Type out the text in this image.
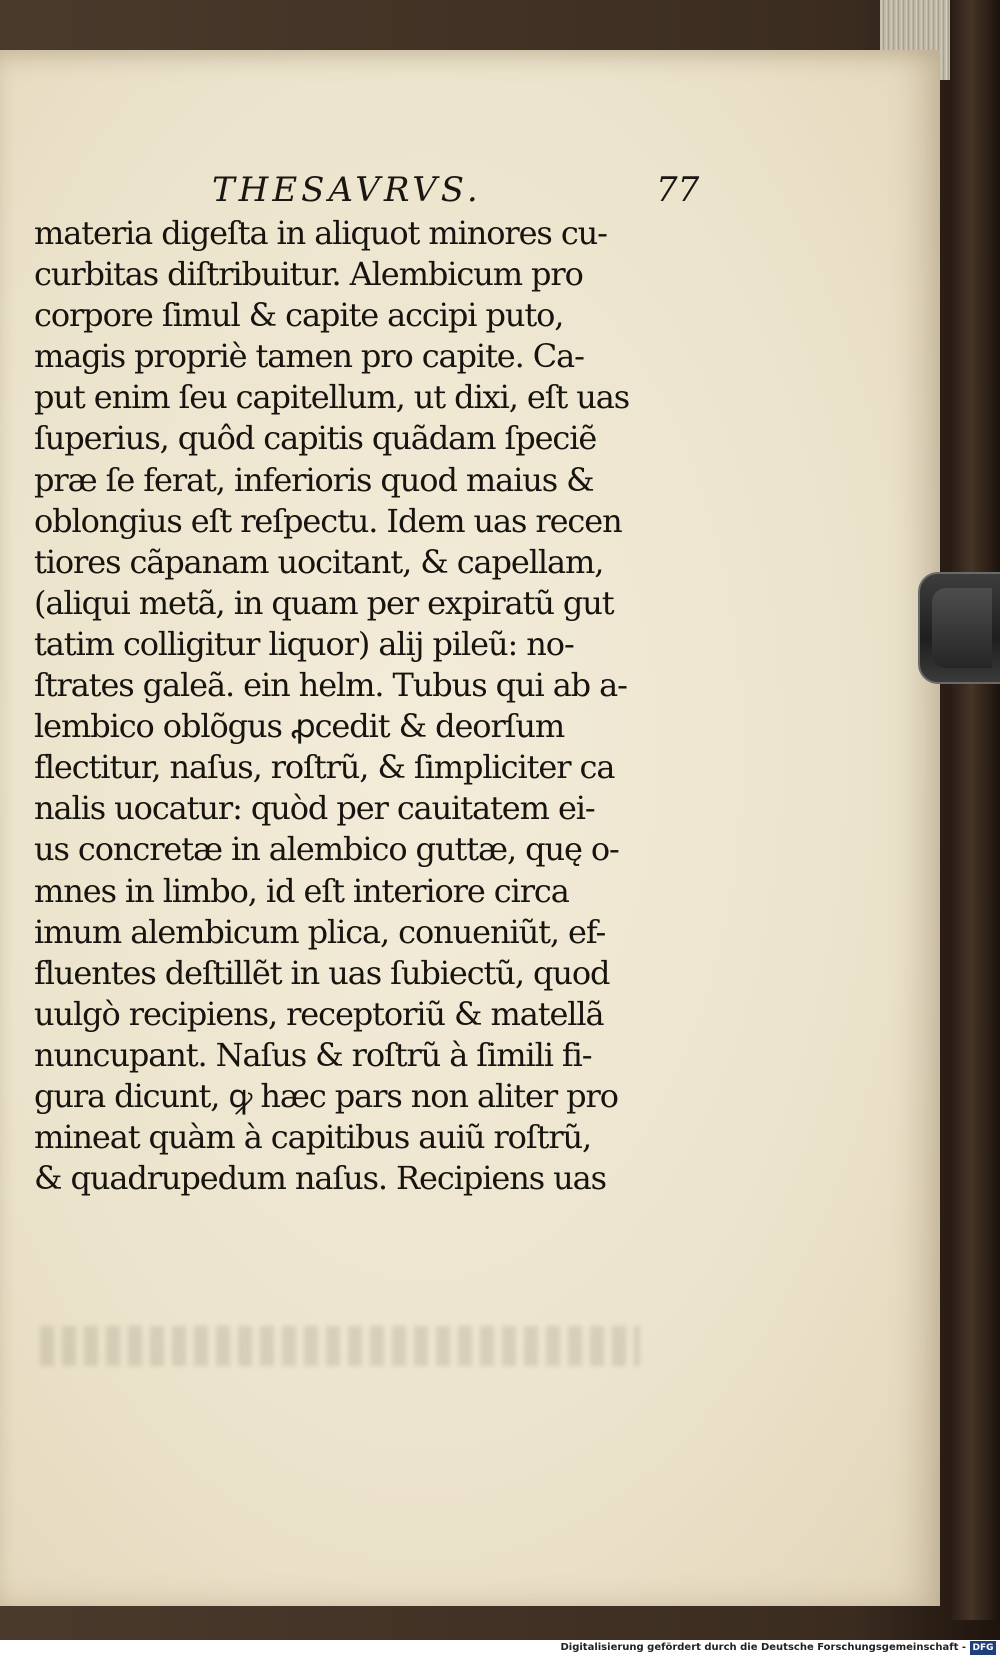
THESAVRVS.	77
materia digeſta in aliquot minores cu-
curbitas diſtribuitur. Alembicum pro
corpore ſimul & capite accipi puto,
magis propriè tamen pro capite. Ca-
put enim ſeu capitellum, ut dixi, eſt uas
ſuperius, quôd capitis quãdam ſpeciẽ
præ ſe ferat, inferioris quod maius &
oblongius eſt reſpectu. Idem uas recen
tiores cãpanam uocitant, & capellam,
(aliqui metã, in quam per expiratũ gut
tatim colligitur liquor) alij pileũ: no-
ſtrates galeã. ein helm. Tubus qui ab a-
lembico oblõgus ꝓcedit & deorſum
flectitur, naſus, roſtrũ, & ſimpliciter ca
nalis uocatur: quòd per cauitatem ei-
us concretæ in alembico guttæ, quę o-
mnes in limbo, id eſt interiore circa
imum alembicum plica, conueniũt, ef-
fluentes deſtillẽt in uas ſubiectũ, quod
uulgò recipiens, receptoriũ & matellã
nuncupant. Naſus & roſtrũ à ſimili fi-
gura dicunt, ꝙ hæc pars non aliter pro
mineat quàm à capitibus auiũ roſtrũ,
& quadrupedum naſus. Recipiens uas
Digitalisierung gefördert durch die Deutsche Forschungsgemeinschaft - DFG
